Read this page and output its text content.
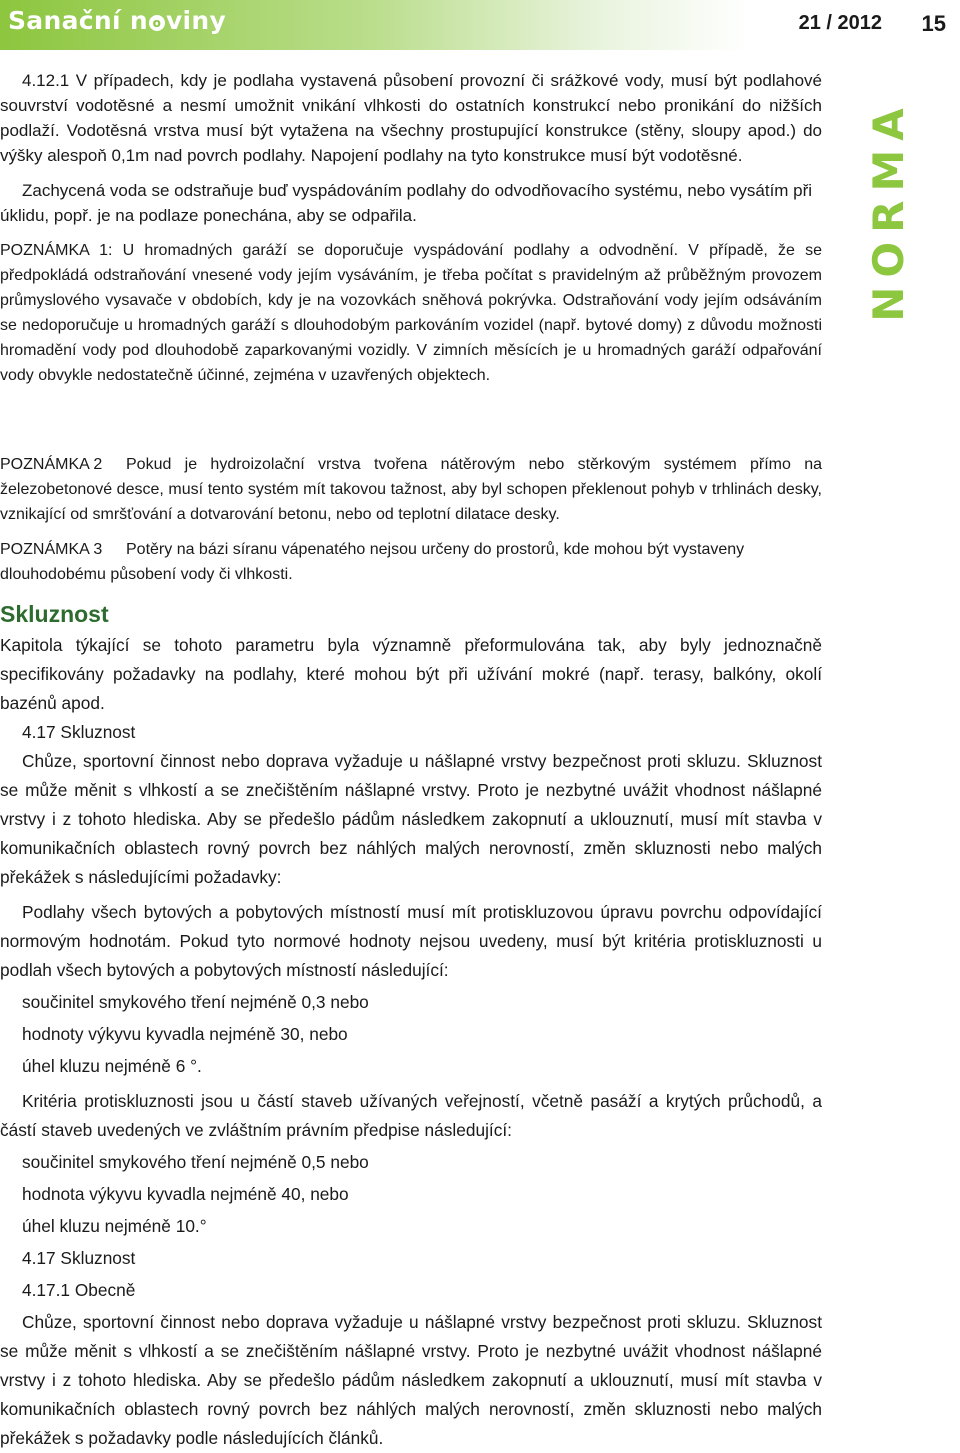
Sanační n o viny	21 / 2012 15
NORMA

4.12.1 V případech, kdy je podlaha vystavená působení provozní či srážkové vody, musí být podlahové souvrství vodotěsné a nesmí umožnit vnikání vlhkosti do ostatních konstrukcí nebo pronikání do nižších podlaží. Vodotěsná vrstva musí být vytažena na všechny prostupující konstrukce (stěny, sloupy apod.) do výšky alespoň 0,1m nad povrch podlahy. Napojení podlahy na tyto konstrukce musí být vodotěsné.

Zachycená voda se odstraňuje buď vyspádováním podlahy do odvodňovacího systému, nebo vysátím při úklidu, popř. je na podlaze ponechána, aby se odpařila.

POZNÁMKA 1: U hromadných garáží se doporučuje vyspádování podlahy a odvodnění. V případě, že se předpokládá odstraňování vnesené vody jejím vysáváním, je třeba počítat s pravidelným až průběžným provozem průmyslového vysavače v obdobích, kdy je na vozovkách sněhová pokrývka. Odstraňování vody jejím odsáváním se nedoporučuje u hromadných garáží s dlouhodobým parkováním vozidel (např. bytové domy) z důvodu možnosti hromadění vody pod dlouhodobě zaparkovanými vozidly. V zimních měsících je u hromadných garáží odpařování vody obvykle nedostatečně účinné, zejména v uzavřených objektech.

POZNÁMKA 2 Pokud je hydroizolační vrstva tvořena nátěrovým nebo stěrkovým systémem přímo na železobetonové desce, musí tento systém mít takovou tažnost, aby byl schopen překlenout pohyb v trhlinách desky, vznikající od smršťování a dotvarování betonu, nebo od teplotní dilatace desky.

POZNÁMKA 3 Potěry na bázi síranu vápenatého nejsou určeny do prostorů, kde mohou být vystaveny dlouhodobému působení vody či vlhkosti.

Skluznost

Kapitola týkající se tohoto parametru byla významně přeformulována tak, aby byly jednoznačně specifikovány požadavky na podlahy, které mohou být při užívání mokré (např. terasy, balkóny, okolí bazénů apod.

4.17 Skluznost

Chůze, sportovní činnost nebo doprava vyžaduje u nášlapné vrstvy bezpečnost proti skluzu. Skluznost se může měnit s vlhkostí a se znečištěním nášlapné vrstvy. Proto je nezbytné uvážit vhodnost nášlapné vrstvy i z tohoto hlediska. Aby se předešlo pádům následkem zakopnutí a uklouznutí, musí mít stavba v komunikačních oblastech rovný povrch bez náhlých malých nerovností, změn skluznosti nebo malých překážek s následujícími požadavky:

Podlahy všech bytových a pobytových místností musí mít protiskluzovou úpravu povrchu odpovídající normovým hodnotám. Pokud tyto normové hodnoty nejsou uvedeny, musí být kritéria protiskluznosti u podlah všech bytových a pobytových místností následující:

součinitel smykového tření nejméně 0,3 nebo

hodnoty výkyvu kyvadla nejméně 30, nebo

úhel kluzu nejméně 6 °.

Kritéria protiskluznosti jsou u částí staveb užívaných veřejností, včetně pasáží a krytých průchodů, a částí staveb uvedených ve zvláštním právním předpise následující:

součinitel smykového tření nejméně 0,5 nebo

hodnota výkyvu kyvadla nejméně 40, nebo

úhel kluzu nejméně 10.°

4.17 Skluznost

4.17.1 Obecně

Chůze, sportovní činnost nebo doprava vyžaduje u nášlapné vrstvy bezpečnost proti skluzu. Skluznost se může měnit s vlhkostí a se znečištěním nášlapné vrstvy. Proto je nezbytné uvážit vhodnost nášlapné vrstvy i z tohoto hlediska. Aby se předešlo pádům následkem zakopnutí a uklouznutí, musí mít stavba v komunikačních oblastech rovný povrch bez náhlých malých nerovností, změn skluznosti nebo malých překážek s požadavky podle následujících článků.
